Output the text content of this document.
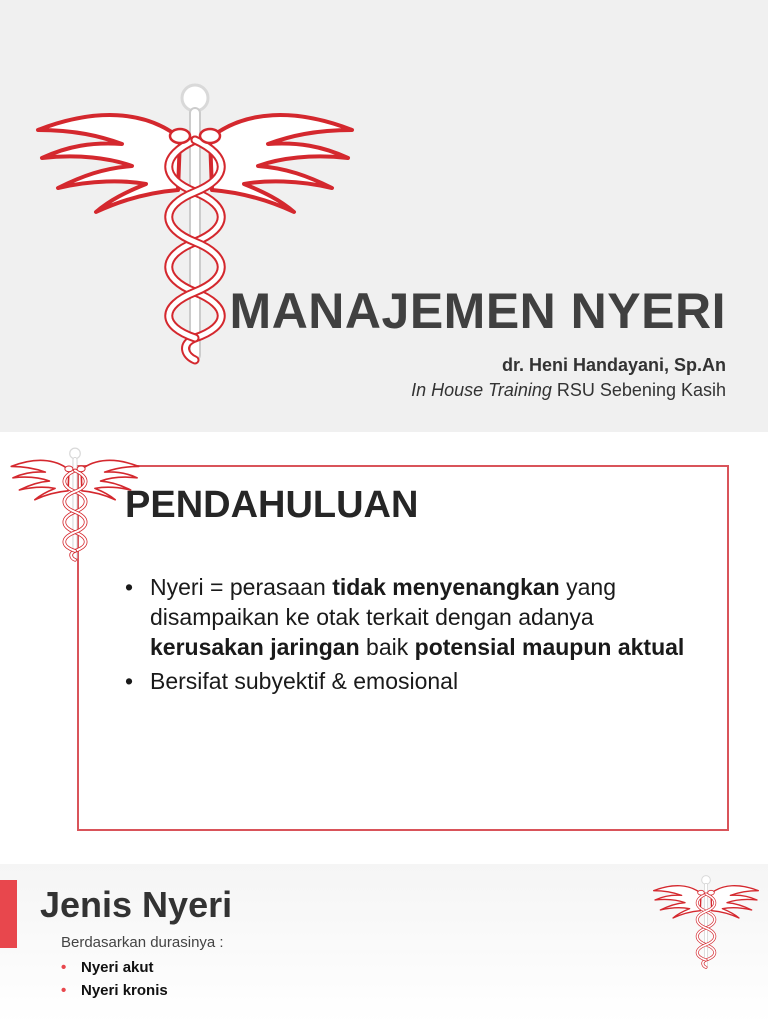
MANAJEMEN NYERI
dr. Heni Handayani, Sp.An
In House Training RSU Sebening Kasih
PENDAHULUAN
• Nyeri = perasaan tidak menyenangkan yang disampaikan ke otak terkait dengan adanya kerusakan jaringan baik potensial maupun aktual
• Bersifat subyektif & emosional
Jenis Nyeri
Berdasarkan durasinya :
• Nyeri akut
• Nyeri kronis
